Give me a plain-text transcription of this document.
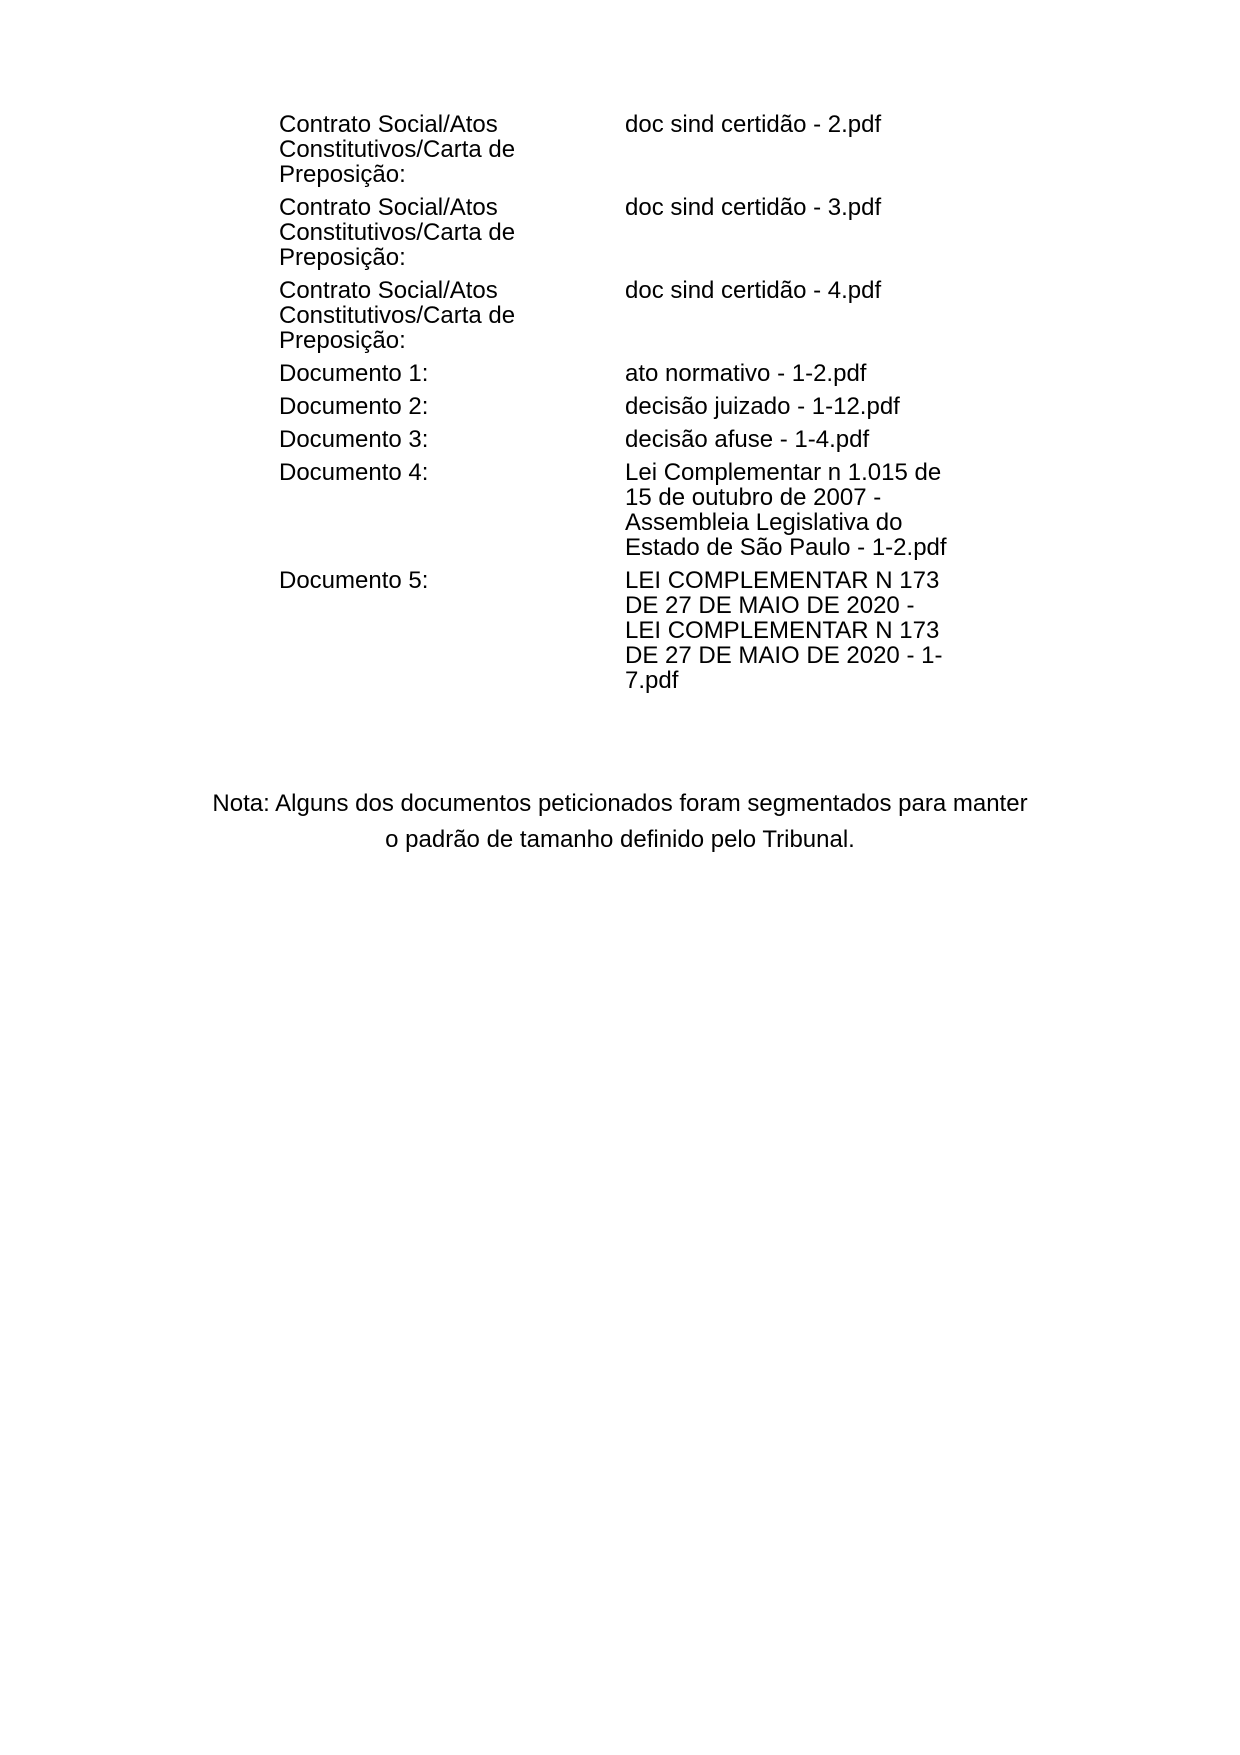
Contrato Social/Atos
Constitutivos/Carta de
Preposição:	doc sind certidão - 2.pdf
Contrato Social/Atos
Constitutivos/Carta de
Preposição:	doc sind certidão - 3.pdf
Contrato Social/Atos
Constitutivos/Carta de
Preposição:	doc sind certidão - 4.pdf
Documento 1:	ato normativo - 1-2.pdf
Documento 2:	decisão juizado - 1-12.pdf
Documento 3:	decisão afuse - 1-4.pdf
Documento 4:	Lei Complementar n 1.015 de
15 de outubro de 2007 -
Assembleia Legislativa do
Estado de São Paulo - 1-2.pdf
Documento 5:	LEI COMPLEMENTAR N 173
DE 27 DE MAIO DE 2020 -
LEI COMPLEMENTAR N 173
DE 27 DE MAIO DE 2020 - 1-
7.pdf
Nota: Alguns dos documentos peticionados foram segmentados para manter
o padrão de tamanho definido pelo Tribunal.
